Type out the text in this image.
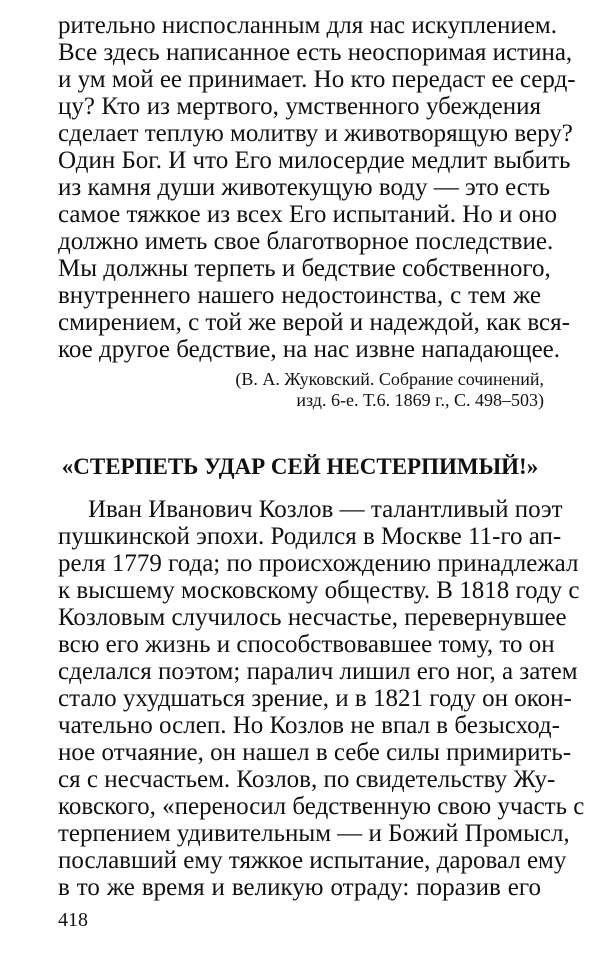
рительно ниспосланным для нас искуплением.
Все здесь написанное есть неоспоримая истина,
и ум мой ее принимает. Но кто передаст ее серд-
цу? Кто из мертвого, умственного убеждения
сделает теплую молитву и животворящую веру?
Один Бог. И что Его милосердие медлит выбить
из камня души животекущую воду — это есть
самое тяжкое из всех Его испытаний. Но и оно
должно иметь свое благотворное последствие.
Мы должны терпеть и бедствие собственного,
внутреннего нашего недостоинства, с тем же
смирением, с той же верой и надеждой, как вся-
кое другое бедствие, на нас извне нападающее.
(В. А. Жуковский. Собрание сочинений,
изд. 6-е. Т.6. 1869 г., С. 498–503)
«СТЕРПЕТЬ УДАР СЕЙ НЕСТЕРПИМЫЙ!»
Иван Иванович Козлов — талантливый поэт
пушкинской эпохи. Родился в Москве 11-го ап-
реля 1779 года; по происхождению принадлежал
к высшему московскому обществу. В 1818 году с
Козловым случилось несчастье, перевернувшее
всю его жизнь и способствовавшее тому, то он
сделался поэтом; паралич лишил его ног, а затем
стало ухудшаться зрение, и в 1821 году он окон-
чательно ослеп. Но Козлов не впал в безысход-
ное отчаяние, он нашел в себе силы примирить-
ся с несчастьем. Козлов, по свидетельству Жу-
ковского, «переносил бедственную свою участь с
терпением удивительным — и Божий Промысл,
пославший ему тяжкое испытание, даровал ему
в то же время и великую отраду: поразив его
418
